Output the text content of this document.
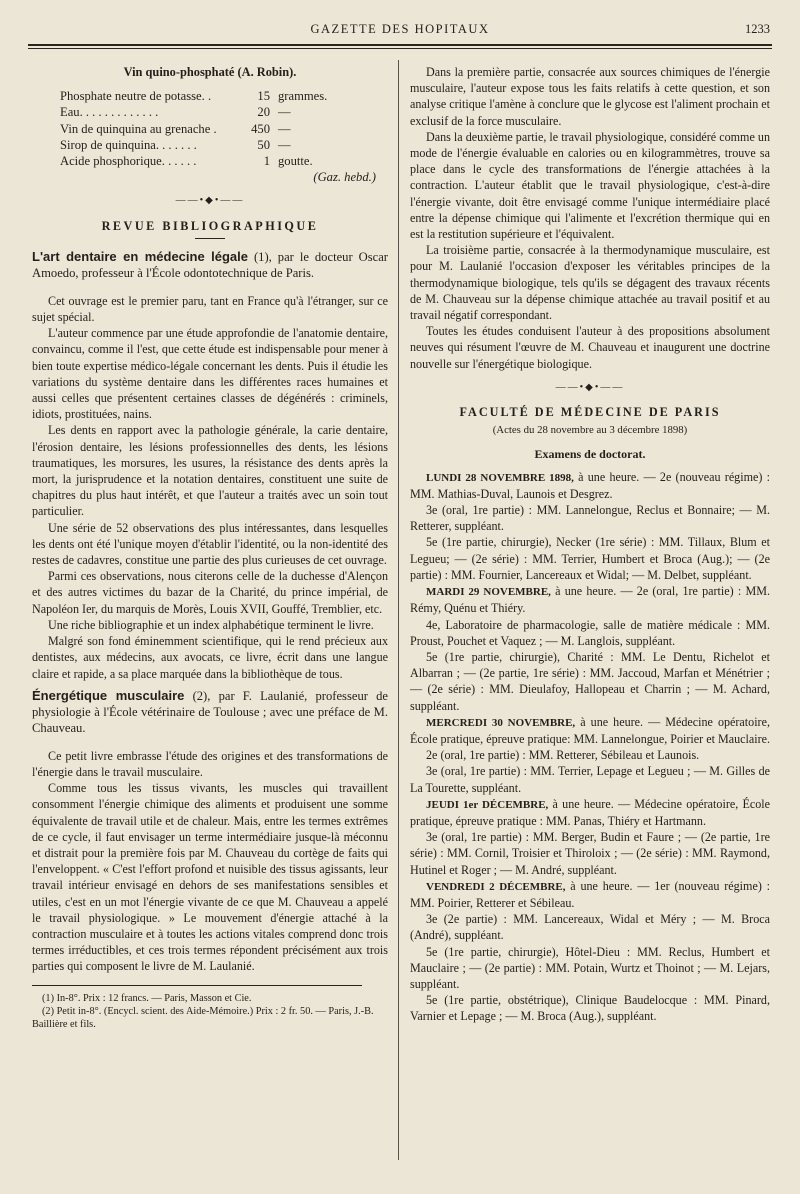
GAZETTE DES HOPITAUX	1233
Vin quino-phosphaté (A. Robin).
Phosphate neutre de potasse. .	15 grammes.
Eau. . . . . . . . . . . . .	20 —
Vin de quinquina au grenache .	450 —
Sirop de quinquina. . . . . . .	50 —
Acide phosphorique. . . . . .	1 goutte.
(Gaz. hebd.)
——•◆•——
REVUE BIBLIOGRAPHIQUE

L'art dentaire en médecine légale (1), par le docteur Oscar Amoedo, professeur à l'École odontotechnique de Paris.

Cet ouvrage est le premier paru, tant en France qu'à l'étranger, sur ce sujet spécial.

L'auteur commence par une étude approfondie de l'anatomie dentaire, convaincu, comme il l'est, que cette étude est indispensable pour mener à bien toute expertise médico-légale concernant les dents. Puis il étudie les variations du système dentaire dans les différentes races humaines et aussi celles que présentent certaines classes de dégénérés : criminels, idiots, prostituées, nains.

Les dents en rapport avec la pathologie générale, la carie dentaire, l'érosion dentaire, les lésions professionnelles des dents, les lésions traumatiques, les morsures, les usures, la résistance des dents après la mort, la jurisprudence et la notation dentaires, constituent une suite de chapitres du plus haut intérêt, et que l'auteur a traités avec un soin tout particulier.

Une série de 52 observations des plus intéressantes, dans lesquelles les dents ont été l'unique moyen d'établir l'identité, ou la non-identité des restes de cadavres, constitue une partie des plus curieuses de cet ouvrage.

Parmi ces observations, nous citerons celle de la duchesse d'Alençon et des autres victimes du bazar de la Charité, du prince impérial, de Napoléon Ier, du marquis de Morès, Louis XVII, Gouffé, Tremblier, etc.

Une riche bibliographie et un index alphabétique terminent le livre.

Malgré son fond éminemment scientifique, qui le rend précieux aux dentistes, aux médecins, aux avocats, ce livre, écrit dans une langue claire et rapide, a sa place marquée dans la bibliothèque de tous.

Énergétique musculaire (2), par F. Laulanié, professeur de physiologie à l'École vétérinaire de Toulouse ; avec une préface de M. Chauveau.

Ce petit livre embrasse l'étude des origines et des transformations de l'énergie dans le travail musculaire.

Comme tous les tissus vivants, les muscles qui travaillent consomment l'énergie chimique des aliments et produisent une somme équivalente de travail utile et de chaleur. Mais, entre les termes extrêmes de ce cycle, il faut envisager un terme intermédiaire jusque-là méconnu et distrait pour la première fois par M. Chauveau du cortège de faits qui l'enveloppent. « C'est l'effort profond et nuisible des tissus agissants, leur travail intérieur envisagé en dehors de ses manifestations sensibles et utiles, c'est en un mot l'énergie vivante de ce que M. Chauveau a appelé le travail physiologique. » Le mouvement d'énergie attaché à la contraction musculaire et à toutes les actions vitales comprend donc trois termes irréductibles, et ces trois termes répondent précisément aux trois parties qui composent le livre de M. Laulanié.

(1) In-8°. Prix : 12 francs. — Paris, Masson et Cie.

(2) Petit in-8°. (Encycl. scient. des Aide-Mémoire.) Prix : 2 fr. 50. — Paris, J.-B. Baillière et fils.

Dans la première partie, consacrée aux sources chimiques de l'énergie musculaire, l'auteur expose tous les faits relatifs à cette question, et son analyse critique l'amène à conclure que le glycose est l'aliment prochain et exclusif de la force musculaire.

Dans la deuxième partie, le travail physiologique, considéré comme un mode de l'énergie évaluable en calories ou en kilogrammètres, trouve sa place dans le cycle des transformations de l'énergie attachées à la contraction. L'auteur établit que le travail physiologique, c'est-à-dire l'énergie vivante, doit être envisagé comme l'unique intermédiaire placé entre la dépense chimique qui l'alimente et l'excrétion thermique qui en est la restitution supérieure et l'équivalent.

La troisième partie, consacrée à la thermodynamique musculaire, est pour M. Laulanié l'occasion d'exposer les véritables principes de la thermodynamique biologique, tels qu'ils se dégagent des travaux récents de M. Chauveau sur la dépense chimique attachée au travail positif et au travail négatif correspondant.

Toutes les études conduisent l'auteur à des propositions absolument neuves qui résument l'œuvre de M. Chauveau et inaugurent une doctrine nouvelle sur l'énergétique biologique.

——•◆•——
FACULTÉ DE MÉDECINE DE PARIS
(Actes du 28 novembre au 3 décembre 1898)
Examens de doctorat.

LUNDI 28 NOVEMBRE 1898, à une heure. — 2e (nouveau régime) : MM. Mathias-Duval, Launois et Desgrez.

3e (oral, 1re partie) : MM. Lannelongue, Reclus et Bonnaire; — M. Retterer, suppléant.

5e (1re partie, chirurgie), Necker (1re série) : MM. Tillaux, Blum et Legueu; — (2e série) : MM. Terrier, Humbert et Broca (Aug.); — (2e partie) : MM. Fournier, Lancereaux et Widal; — M. Delbet, suppléant.

MARDI 29 NOVEMBRE, à une heure. — 2e (oral, 1re partie) : MM. Rémy, Quénu et Thiéry.

4e, Laboratoire de pharmacologie, salle de matière médicale : MM. Proust, Pouchet et Vaquez ; — M. Langlois, suppléant.

5e (1re partie, chirurgie), Charité : MM. Le Dentu, Richelot et Albarran ; — (2e partie, 1re série) : MM. Jaccoud, Marfan et Ménétrier ; — (2e série) : MM. Dieulafoy, Hallopeau et Charrin ; — M. Achard, suppléant.

MERCREDI 30 NOVEMBRE, à une heure. — Médecine opératoire, École pratique, épreuve pratique: MM. Lannelongue, Poirier et Mauclaire.

2e (oral, 1re partie) : MM. Retterer, Sébileau et Launois.

3e (oral, 1re partie) : MM. Terrier, Lepage et Legueu ; — M. Gilles de La Tourette, suppléant.

JEUDI 1er DÉCEMBRE, à une heure. — Médecine opératoire, École pratique, épreuve pratique : MM. Panas, Thiéry et Hartmann.

3e (oral, 1re partie) : MM. Berger, Budin et Faure ; — (2e partie, 1re série) : MM. Cornil, Troisier et Thiroloix ; — (2e série) : MM. Raymond, Hutinel et Roger ; — M. André, suppléant.

VENDREDI 2 DÉCEMBRE, à une heure. — 1er (nouveau régime) : MM. Poirier, Retterer et Sébileau.

3e (2e partie) : MM. Lancereaux, Widal et Méry ; — M. Broca (André), suppléant.

5e (1re partie, chirurgie), Hôtel-Dieu : MM. Reclus, Humbert et Mauclaire ; — (2e partie) : MM. Potain, Wurtz et Thoinot ; — M. Lejars, suppléant.

5e (1re partie, obstétrique), Clinique Baudelocque : MM. Pinard, Varnier et Lepage ; — M. Broca (Aug.), suppléant.
